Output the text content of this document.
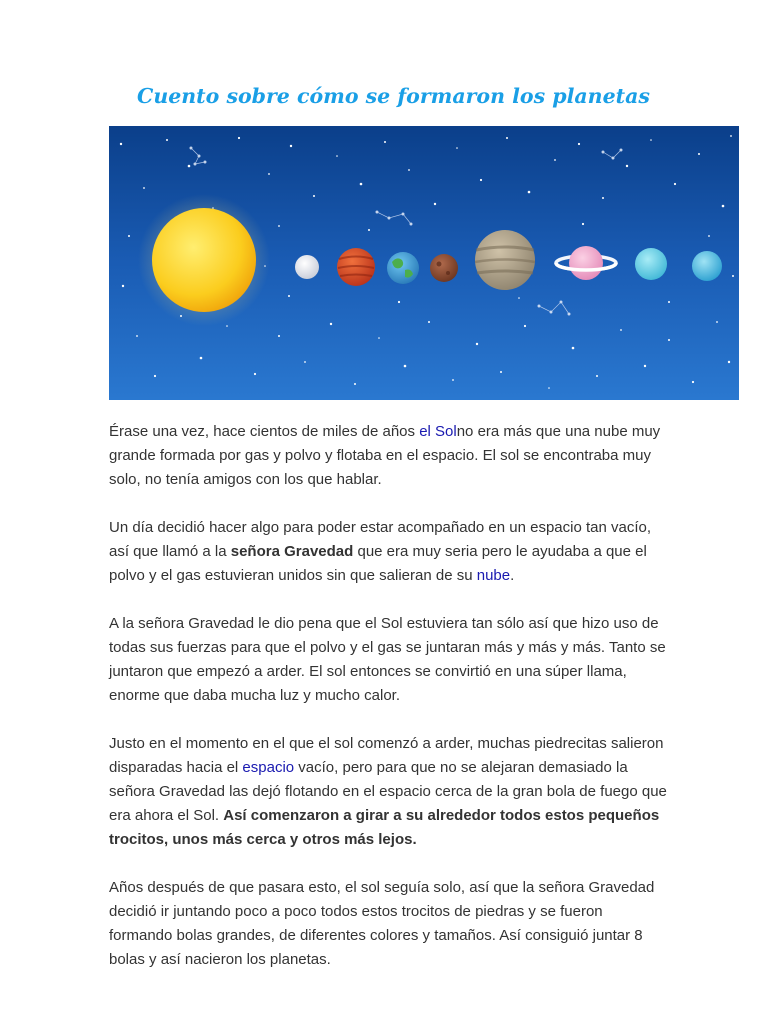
Cuento sobre cómo se formaron los planetas

Érase una vez, hace cientos de miles de años el Solno era más que una nube muy grande formada por gas y polvo y flotaba en el espacio. El sol se encontraba muy solo, no tenía amigos con los que hablar.

Un día decidió hacer algo para poder estar acompañado en un espacio tan vacío, así que llamó a la señora Gravedad que era muy seria pero le ayudaba a que el polvo y el gas estuvieran unidos sin que salieran de su nube.

A la señora Gravedad le dio pena que el Sol estuviera tan sólo así que hizo uso de todas sus fuerzas para que el polvo y el gas se juntaran más y más y más. Tanto se juntaron que empezó a arder. El sol entonces se convirtió en una súper llama, enorme que daba mucha luz y mucho calor.

Justo en el momento en el que el sol comenzó a arder, muchas piedrecitas salieron disparadas hacia el espacio vacío, pero para que no se alejaran demasiado la señora Gravedad las dejó flotando en el espacio cerca de la gran bola de fuego que era ahora el Sol. Así comenzaron a girar a su alrededor todos estos pequeños trocitos, unos más cerca y otros más lejos.

Años después de que pasara esto, el sol seguía solo, así que la señora Gravedad decidió ir juntando poco a poco todos estos trocitos de piedras y se fueron formando bolas grandes, de diferentes colores y tamaños. Así consiguió juntar 8 bolas y así nacieron los planetas.
